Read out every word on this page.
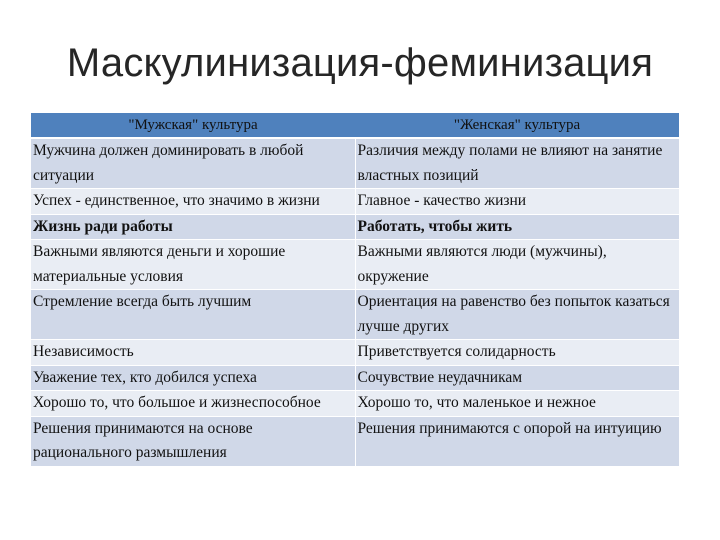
Маскулинизация-феминизация
"Мужская" культура	"Женская" культура
Мужчина должен доминировать в любой ситуации	Различия между полами не влияют на занятие властных позиций
Успех - единственное, что значимо в жизни	Главное - качество жизни
Жизнь ради работы	Работать, чтобы жить
Важными являются деньги и хорошие материальные условия	Важными являются люди (мужчины), окружение
Стремление всегда быть лучшим	Ориентация на равенство без попыток казаться лучше других
Независимость	Приветствуется солидарность
Уважение тех, кто добился успеха	Сочувствие неудачникам
Хорошо то, что большое и жизнеспособное	Хорошо то, что маленькое и нежное
Решения принимаются на основе рационального размышления	Решения принимаются с опорой на интуицию
